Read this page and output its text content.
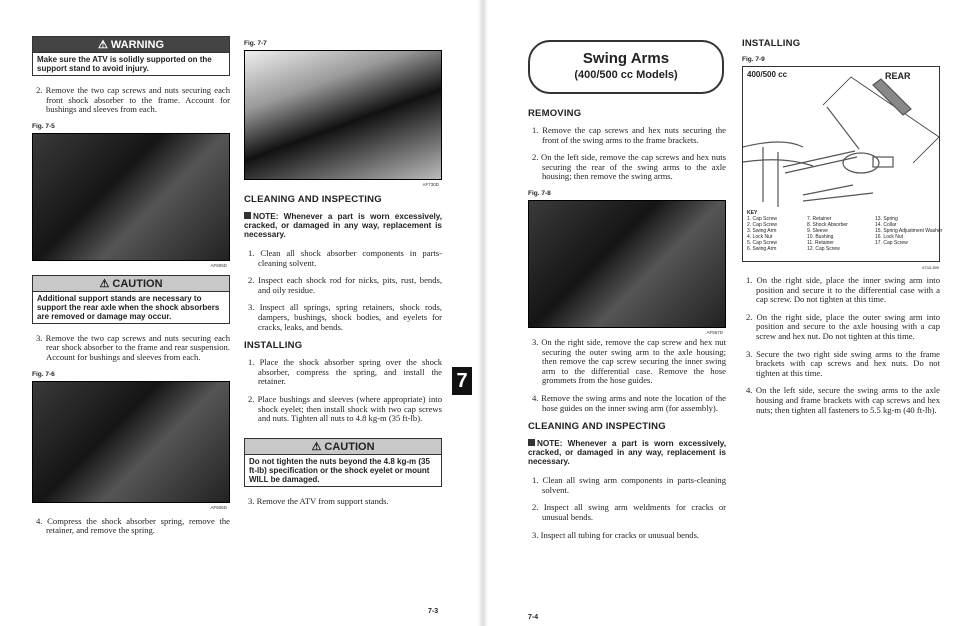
⚠ WARNING
Make sure the ATV is solidly supported on the support stand to avoid injury.

2. Remove the two cap screws and nuts securing each front shock absorber to the frame. Account for bushings and sleeves from each.

Fig. 7-5
AF605D
⚠ CAUTION
Additional support stands are necessary to support the rear axle when the shock absorbers are removed or damage may occur.

3. Remove the two cap screws and nuts securing each rear shock absorber to the frame and rear suspension. Account for bushings and sleeves from each.

Fig. 7-6
AF606D

4. Compress the shock absorber spring, remove the retainer, and remove the spring.

Fig. 7-7
AF730D
CLEANING AND INSPECTING
NOTE: Whenever a part is worn excessively, cracked, or damaged in any way, replacement is necessary.

1. Clean all shock absorber components in parts-cleaning solvent.

2. Inspect each shock rod for nicks, pits, rust, bends, and oily residue.

3. Inspect all springs, spring retainers, shock rods, dampers, bushings, shock bodies, and eyelets for cracks, leaks, and bends.

INSTALLING

1. Place the shock absorber spring over the shock absorber, compress the spring, and install the retainer.

2. Place bushings and sleeves (where appropriate) into shock eyelet; then install shock with two cap screws and nuts. Tighten all nuts to 4.8 kg-m (35 ft-lb).

⚠ CAUTION
Do not tighten the nuts beyond the 4.8 kg-m (35 ft-lb) specification or the shock eyelet or mount WILL be damaged.

3. Remove the ATV from support stands.

7-3
7
Swing Arms
(400/500 cc Models)
REMOVING

1. Remove the cap screws and hex nuts securing the front of the swing arms to the frame brackets.

2. On the left side, remove the cap screws and hex nuts securing the rear of the swing arms to the axle housing; then remove the swing arms.

Fig. 7-8
AF667D

3. On the right side, remove the cap screw and hex nut securing the outer swing arm to the axle housing; then remove the cap screw securing the inner swing arm to the differential case. Remove the hose grommets from the hose guides.

4. Remove the swing arms and note the location of the hose guides on the inner swing arm (for assembly).

CLEANING AND INSPECTING
NOTE: Whenever a part is worn excessively, cracked, or damaged in any way, replacement is necessary.

1. Clean all swing arm components in parts-cleaning solvent.

2. Inspect all swing arm weldments for cracks or unusual bends.

3. Inspect all tubing for cracks or unusual bends.

7-4
INSTALLING
Fig. 7-9
400/500 cc	REAR
KEY
1. Cap Screw	7. Retainer	13. Spring
2. Cap Screw	8. Shock Absorber	14. Collar
3. Swing Arm	9. Sleeve	15. Spring Adjustment Washer
4. Lock Nut	10. Bushing	16. Lock Nut
5. Cap Screw	11. Retainer	17. Cap Screw
6. Swing Arm	12. Cap Screw
0733-399

1. On the right side, place the inner swing arm into position and secure it to the differential case with a cap screw. Do not tighten at this time.

2. On the right side, place the outer swing arm into position and secure to the axle housing with a cap screw and hex nut. Do not tighten at this time.

3. Secure the two right side swing arms to the frame brackets with cap screws and hex nuts. Do not tighten at this time.

4. On the left side, secure the swing arms to the axle housing and frame brackets with cap screws and hex nuts; then tighten all fasteners to 5.5 kg-m (40 ft-lb).
